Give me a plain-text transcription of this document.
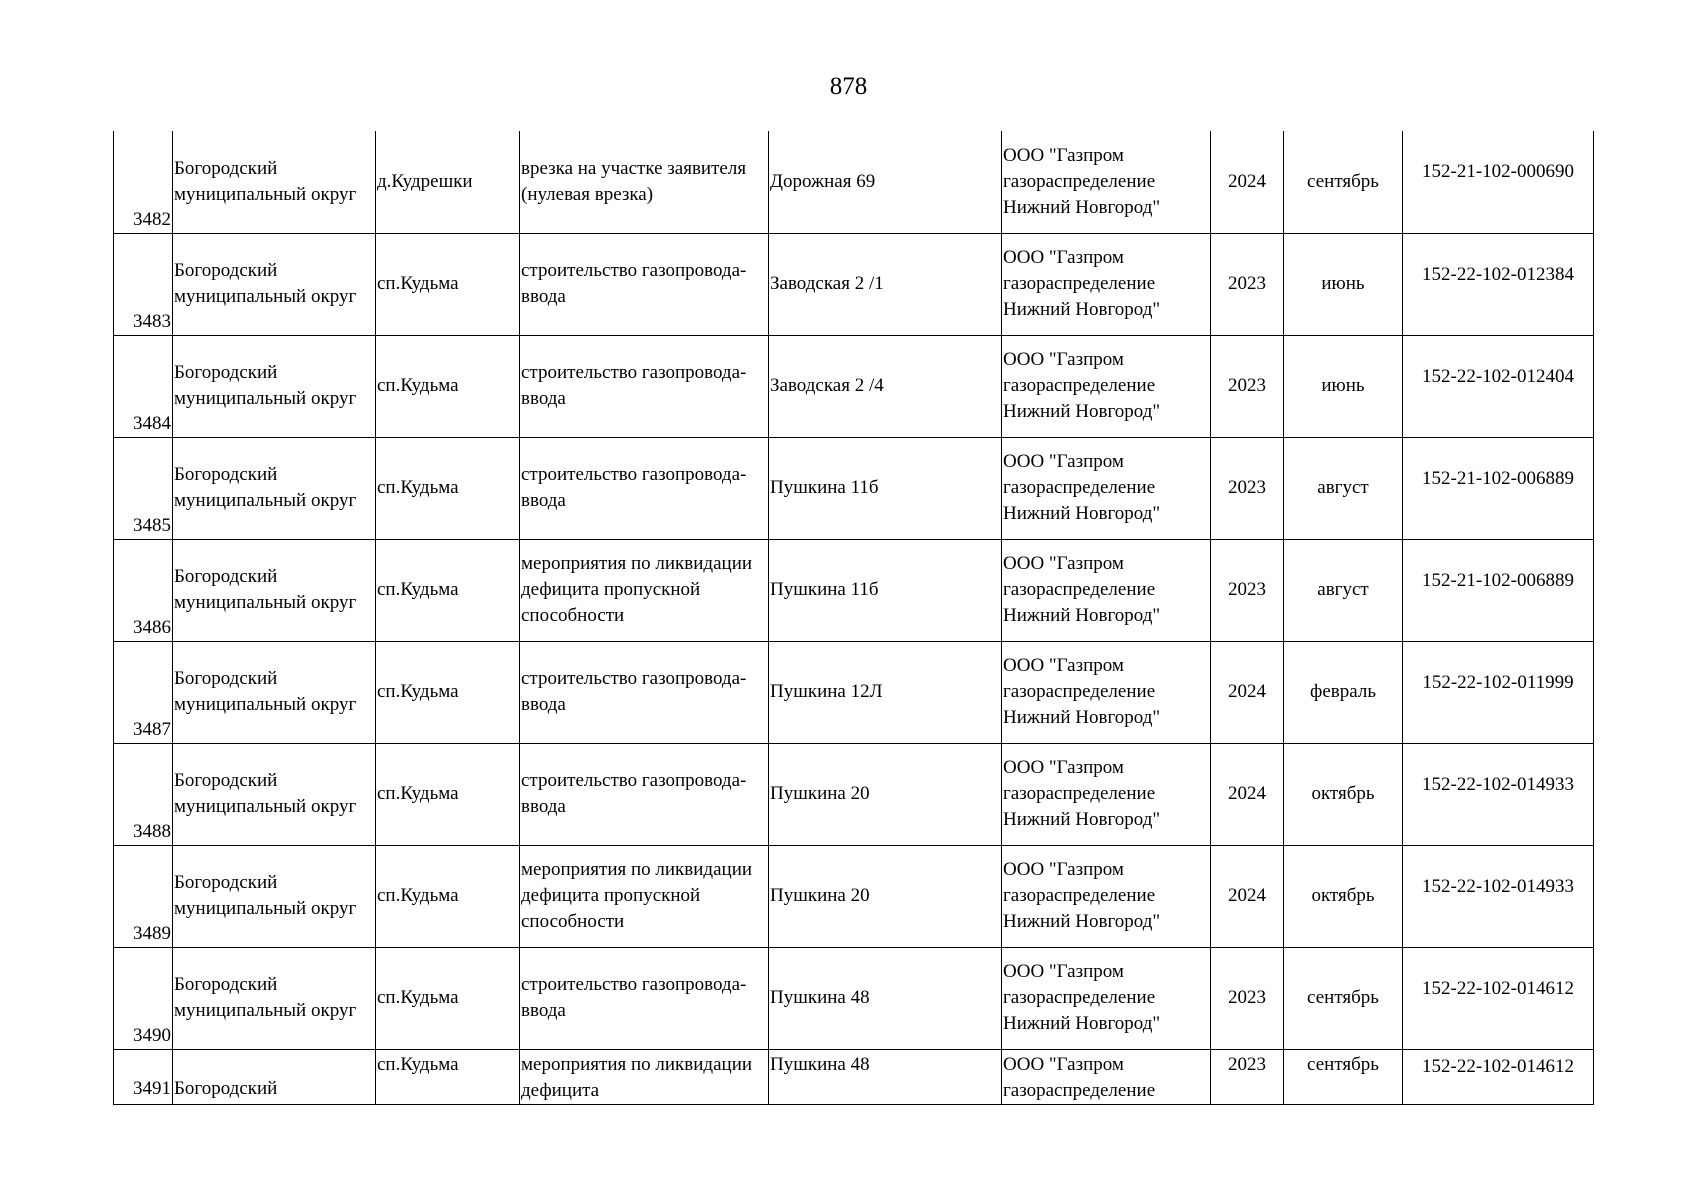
878
3482	Богородский муниципальный округ	д.Кудрешки	врезка на участке заявителя (нулевая врезка)	Дорожная 69	ООО "Газпром газораспределение Нижний Новгород"	2024	сентябрь	152-21-102-000690
3483	Богородский муниципальный округ	сп.Кудьма	строительство газопровода-ввода	Заводская 2 /1	ООО "Газпром газораспределение Нижний Новгород"	2023	июнь	152-22-102-012384
3484	Богородский муниципальный округ	сп.Кудьма	строительство газопровода-ввода	Заводская 2 /4	ООО "Газпром газораспределение Нижний Новгород"	2023	июнь	152-22-102-012404
3485	Богородский муниципальный округ	сп.Кудьма	строительство газопровода-ввода	Пушкина 11б	ООО "Газпром газораспределение Нижний Новгород"	2023	август	152-21-102-006889
3486	Богородский муниципальный округ	сп.Кудьма	мероприятия по ликвидации дефицита пропускной способности	Пушкина 11б	ООО "Газпром газораспределение Нижний Новгород"	2023	август	152-21-102-006889
3487	Богородский муниципальный округ	сп.Кудьма	строительство газопровода-ввода	Пушкина 12Л	ООО "Газпром газораспределение Нижний Новгород"	2024	февраль	152-22-102-011999
3488	Богородский муниципальный округ	сп.Кудьма	строительство газопровода-ввода	Пушкина 20	ООО "Газпром газораспределение Нижний Новгород"	2024	октябрь	152-22-102-014933
3489	Богородский муниципальный округ	сп.Кудьма	мероприятия по ликвидации дефицита пропускной способности	Пушкина 20	ООО "Газпром газораспределение Нижний Новгород"	2024	октябрь	152-22-102-014933
3490	Богородский муниципальный округ	сп.Кудьма	строительство газопровода-ввода	Пушкина 48	ООО "Газпром газораспределение Нижний Новгород"	2023	сентябрь	152-22-102-014612
3491	Богородский	сп.Кудьма	мероприятия по ликвидации дефицита	Пушкина 48	ООО "Газпром газораспределение	2023	сентябрь	152-22-102-014612
